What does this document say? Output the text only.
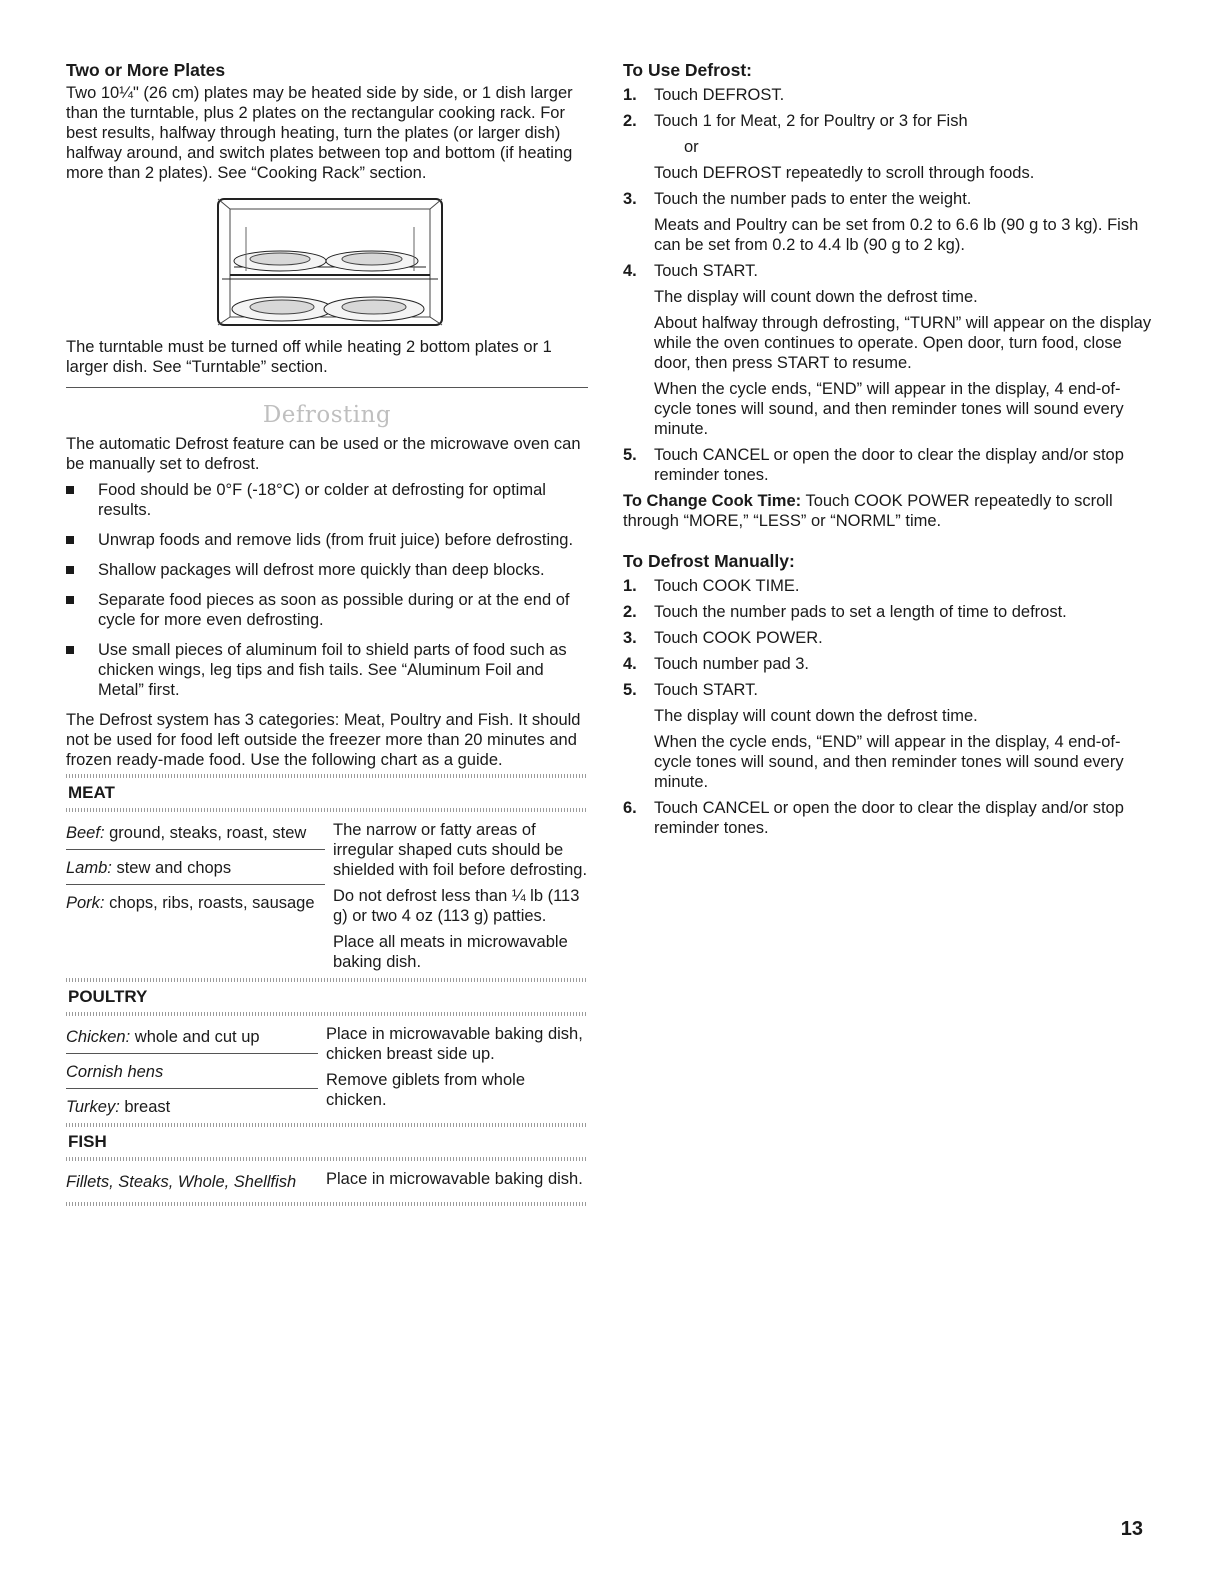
Two or More Plates

Two 10¼" (26 cm) plates may be heated side by side, or 1 dish larger than the turntable, plus 2 plates on the rectangular cooking rack. For best results, halfway through heating, turn the plates (or larger dish) halfway around, and switch plates between top and bottom (if heating more than 2 plates). See “Cooking Rack” section.

The turntable must be turned off while heating 2 bottom plates or 1 larger dish. See “Turntable” section.

Defrosting

The automatic Defrost feature can be used or the microwave oven can be manually set to defrost.

Food should be 0°F (-18°C) or colder at defrosting for optimal results.
Unwrap foods and remove lids (from fruit juice) before defrosting.
Shallow packages will defrost more quickly than deep blocks.
Separate food pieces as soon as possible during or at the end of cycle for more even defrosting.
Use small pieces of aluminum foil to shield parts of food such as chicken wings, leg tips and fish tails. See “Aluminum Foil and Metal” first.

The Defrost system has 3 categories: Meat, Poultry and Fish. It should not be used for food left outside the freezer more than 20 minutes and frozen ready-made food. Use the following chart as a guide.

MEAT
Beef: ground, steaks, roast, stew
Lamb: stew and chops
Pork: chops, ribs, roasts, sausage

The narrow or fatty areas of irregular shaped cuts should be shielded with foil before defrosting.

Do not defrost less than ¼ lb (113 g) or two 4 oz (113 g) patties.

Place all meats in microwavable baking dish.

POULTRY
Chicken: whole and cut up
Cornish hens
Turkey: breast

Place in microwavable baking dish, chicken breast side up.

Remove giblets from whole chicken.

FISH
Fillets, Steaks, Whole, Shellfish	Place in microwavable baking dish.

To Use Defrost:
1. Touch DEFROST.
2. Touch 1 for Meat, 2 for Poultry or 3 for Fish
or
Touch DEFROST repeatedly to scroll through foods.
3. Touch the number pads to enter the weight.
Meats and Poultry can be set from 0.2 to 6.6 lb (90 g to 3 kg). Fish can be set from 0.2 to 4.4 lb (90 g to 2 kg).
4. Touch START.
The display will count down the defrost time.
About halfway through defrosting, “TURN” will appear on the display while the oven continues to operate. Open door, turn food, close door, then press START to resume.
When the cycle ends, “END” will appear in the display, 4 end-of-cycle tones will sound, and then reminder tones will sound every minute.
5. Touch CANCEL or open the door to clear the display and/or stop reminder tones.

To Change Cook Time: Touch COOK POWER repeatedly to scroll through “MORE,” “LESS” or “NORML” time.

To Defrost Manually:
1. Touch COOK TIME.
2. Touch the number pads to set a length of time to defrost.
3. Touch COOK POWER.
4. Touch number pad 3.
5. Touch START.
The display will count down the defrost time.
When the cycle ends, “END” will appear in the display, 4 end-of-cycle tones will sound, and then reminder tones will sound every minute.
6. Touch CANCEL or open the door to clear the display and/or stop reminder tones.
13
